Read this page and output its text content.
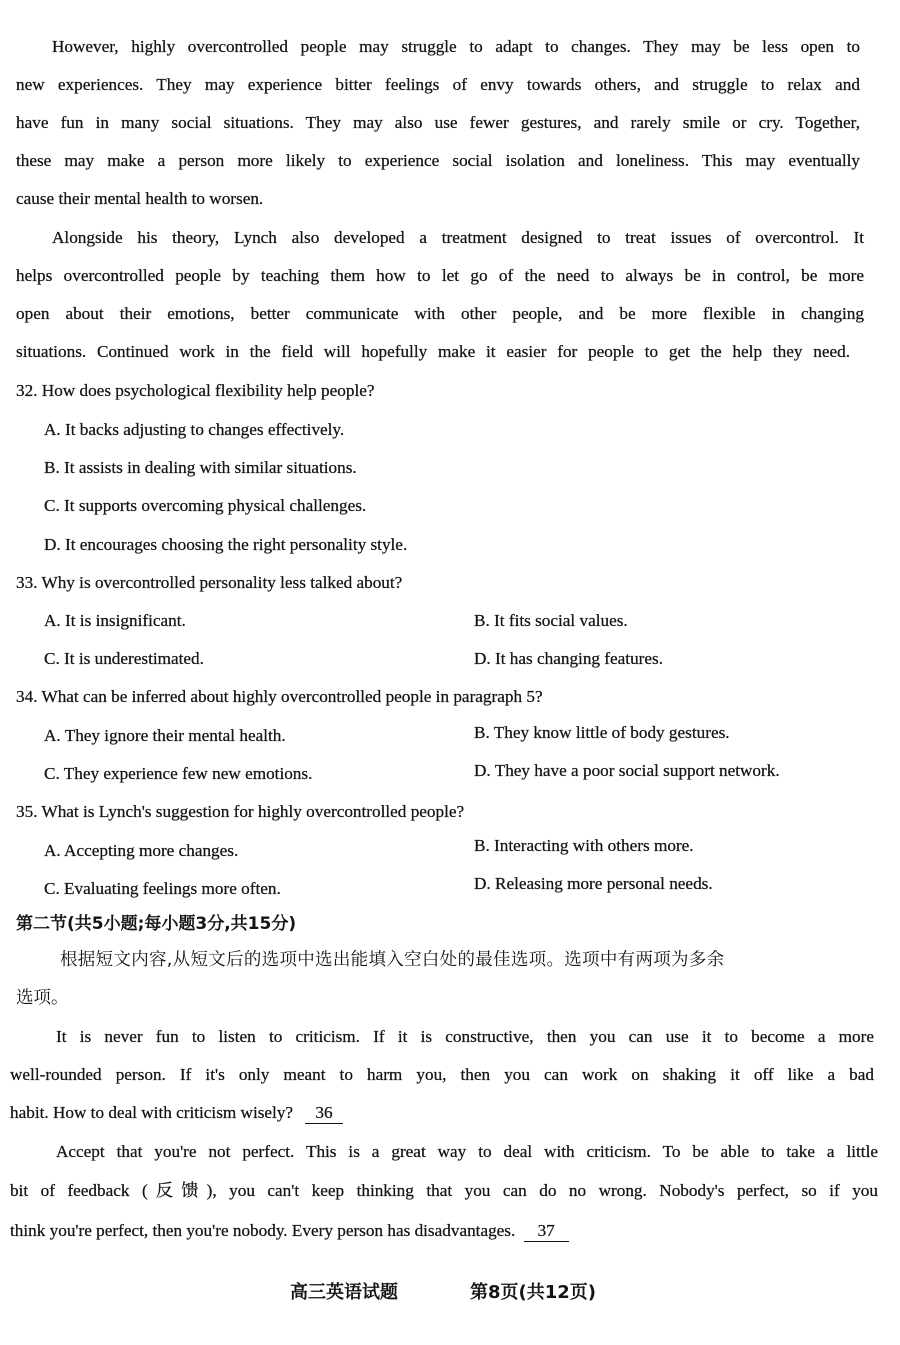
However, highly overcontrolled people may struggle to adapt to changes. They may be less open to
new experiences. They may experience bitter feelings of envy towards others, and struggle to relax and
have fun in many social situations. They may also use fewer gestures, and rarely smile or cry. Together,
these may make a person more likely to experience social isolation and loneliness. This may eventually
cause their mental health to worsen.
Alongside his theory, Lynch also developed a treatment designed to treat issues of overcontrol. It
helps overcontrolled people by teaching them how to let go of the need to always be in control, be more
open about their emotions, better communicate with other people, and be more flexible in changing
situations. Continued work in the field will hopefully make it easier for people to get the help they need.
32. How does psychological flexibility help people?
A. It backs adjusting to changes effectively.
B. It assists in dealing with similar situations.
C. It supports overcoming physical challenges.
D. It encourages choosing the right personality style.
33. Why is overcontrolled personality less talked about?
A. It is insignificant.	B. It fits social values.
C. It is underestimated.	D. It has changing features.
34. What can be inferred about highly overcontrolled people in paragraph 5?
A. They ignore their mental health.	B. They know little of body gestures.
C. They experience few new emotions.	D. They have a poor social support network.
35. What is Lynch's suggestion for highly overcontrolled people?
A. Accepting more changes.	B. Interacting with others more.
C. Evaluating feelings more often.	D. Releasing more personal needs.
第二节(共5小题;每小题3分,共15分)
根据短文内容,从短文后的选项中选出能填入空白处的最佳选项。选项中有两项为多余
选项。
It is never fun to listen to criticism. If it is constructive, then you can use it to become a more
well-rounded person. If it's only meant to harm you, then you can work on shaking it off like a bad
habit. How to deal with criticism wisely? 36
Accept that you're not perfect. This is a great way to deal with criticism. To be able to take a little
bit of feedback (反馈), you can't keep thinking that you can do no wrong. Nobody's perfect, so if you
think you're perfect, then you're nobody. Every person has disadvantages. 37
高三英语试题	第8页(共12页)
